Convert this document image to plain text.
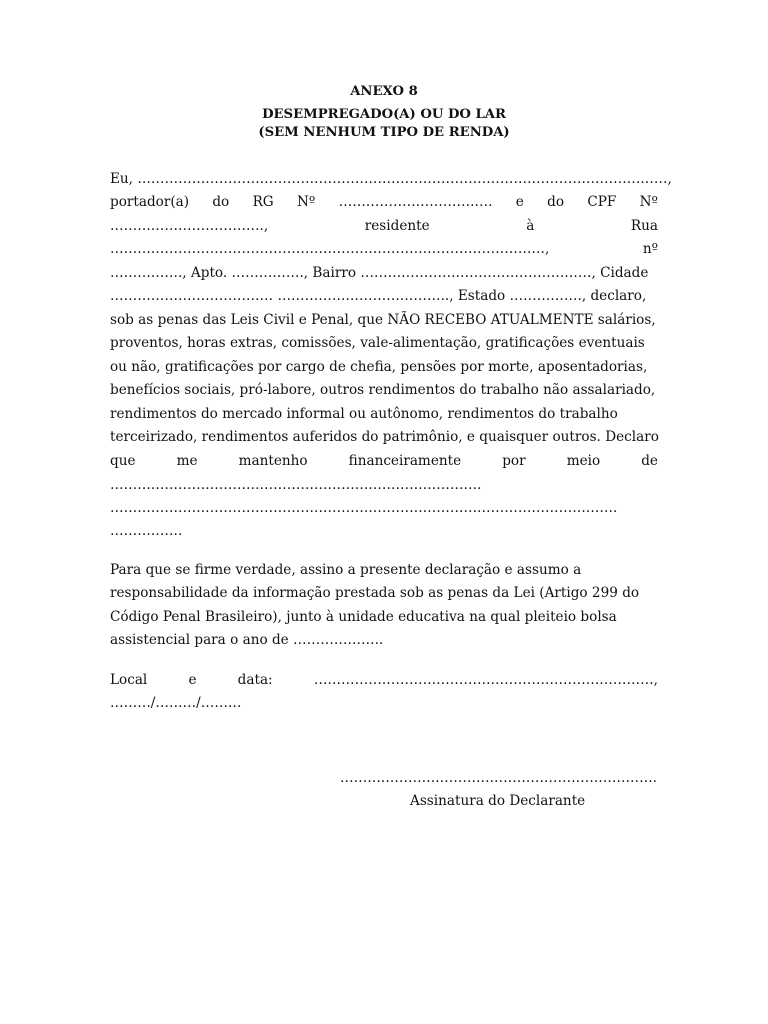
ANEXO 8
DESEMPREGADO(A) OU DO LAR
(SEM NENHUM TIPO DE RENDA)
Eu, ………………………………………………………………………………………………………,
portador(a) do RG Nº ……………………………. e do CPF Nº
…………………………….,	residente	à	Rua
……………………………………………………………………………………,	nº
……………., Apto. ……………., Bairro ……………………………………………, Cidade
……………………………… ……………………………….., Estado ……………., declaro,
sob as penas das Leis Civil e Penal, que NÃO RECEBO ATUALMENTE salários,
proventos, horas extras, comissões, vale-alimentação, gratificações eventuais
ou não, gratificações por cargo de chefia, pensões por morte, aposentadorias,
benefícios sociais, pró-labore, outros rendimentos do trabalho não assalariado,
rendimentos do mercado informal ou autônomo, rendimentos do trabalho
terceirizado, rendimentos auferidos do patrimônio, e quaisquer outros. Declaro
que	me	mantenho	financeiramente	por	meio	de
……………………………………………………………………….
………………………………………………………………………………………………….
…………….
Para que se firme verdade, assino a presente declaração e assumo a
responsabilidade da informação prestada sob as penas da Lei (Artigo 299 do
Código Penal Brasileiro), junto à unidade educativa na qual pleiteio bolsa
assistencial para o ano de ………………..
Local	e	data:	…………………………………………………………………,
………/………/………
…………………………………………………………….
Assinatura do Declarante
